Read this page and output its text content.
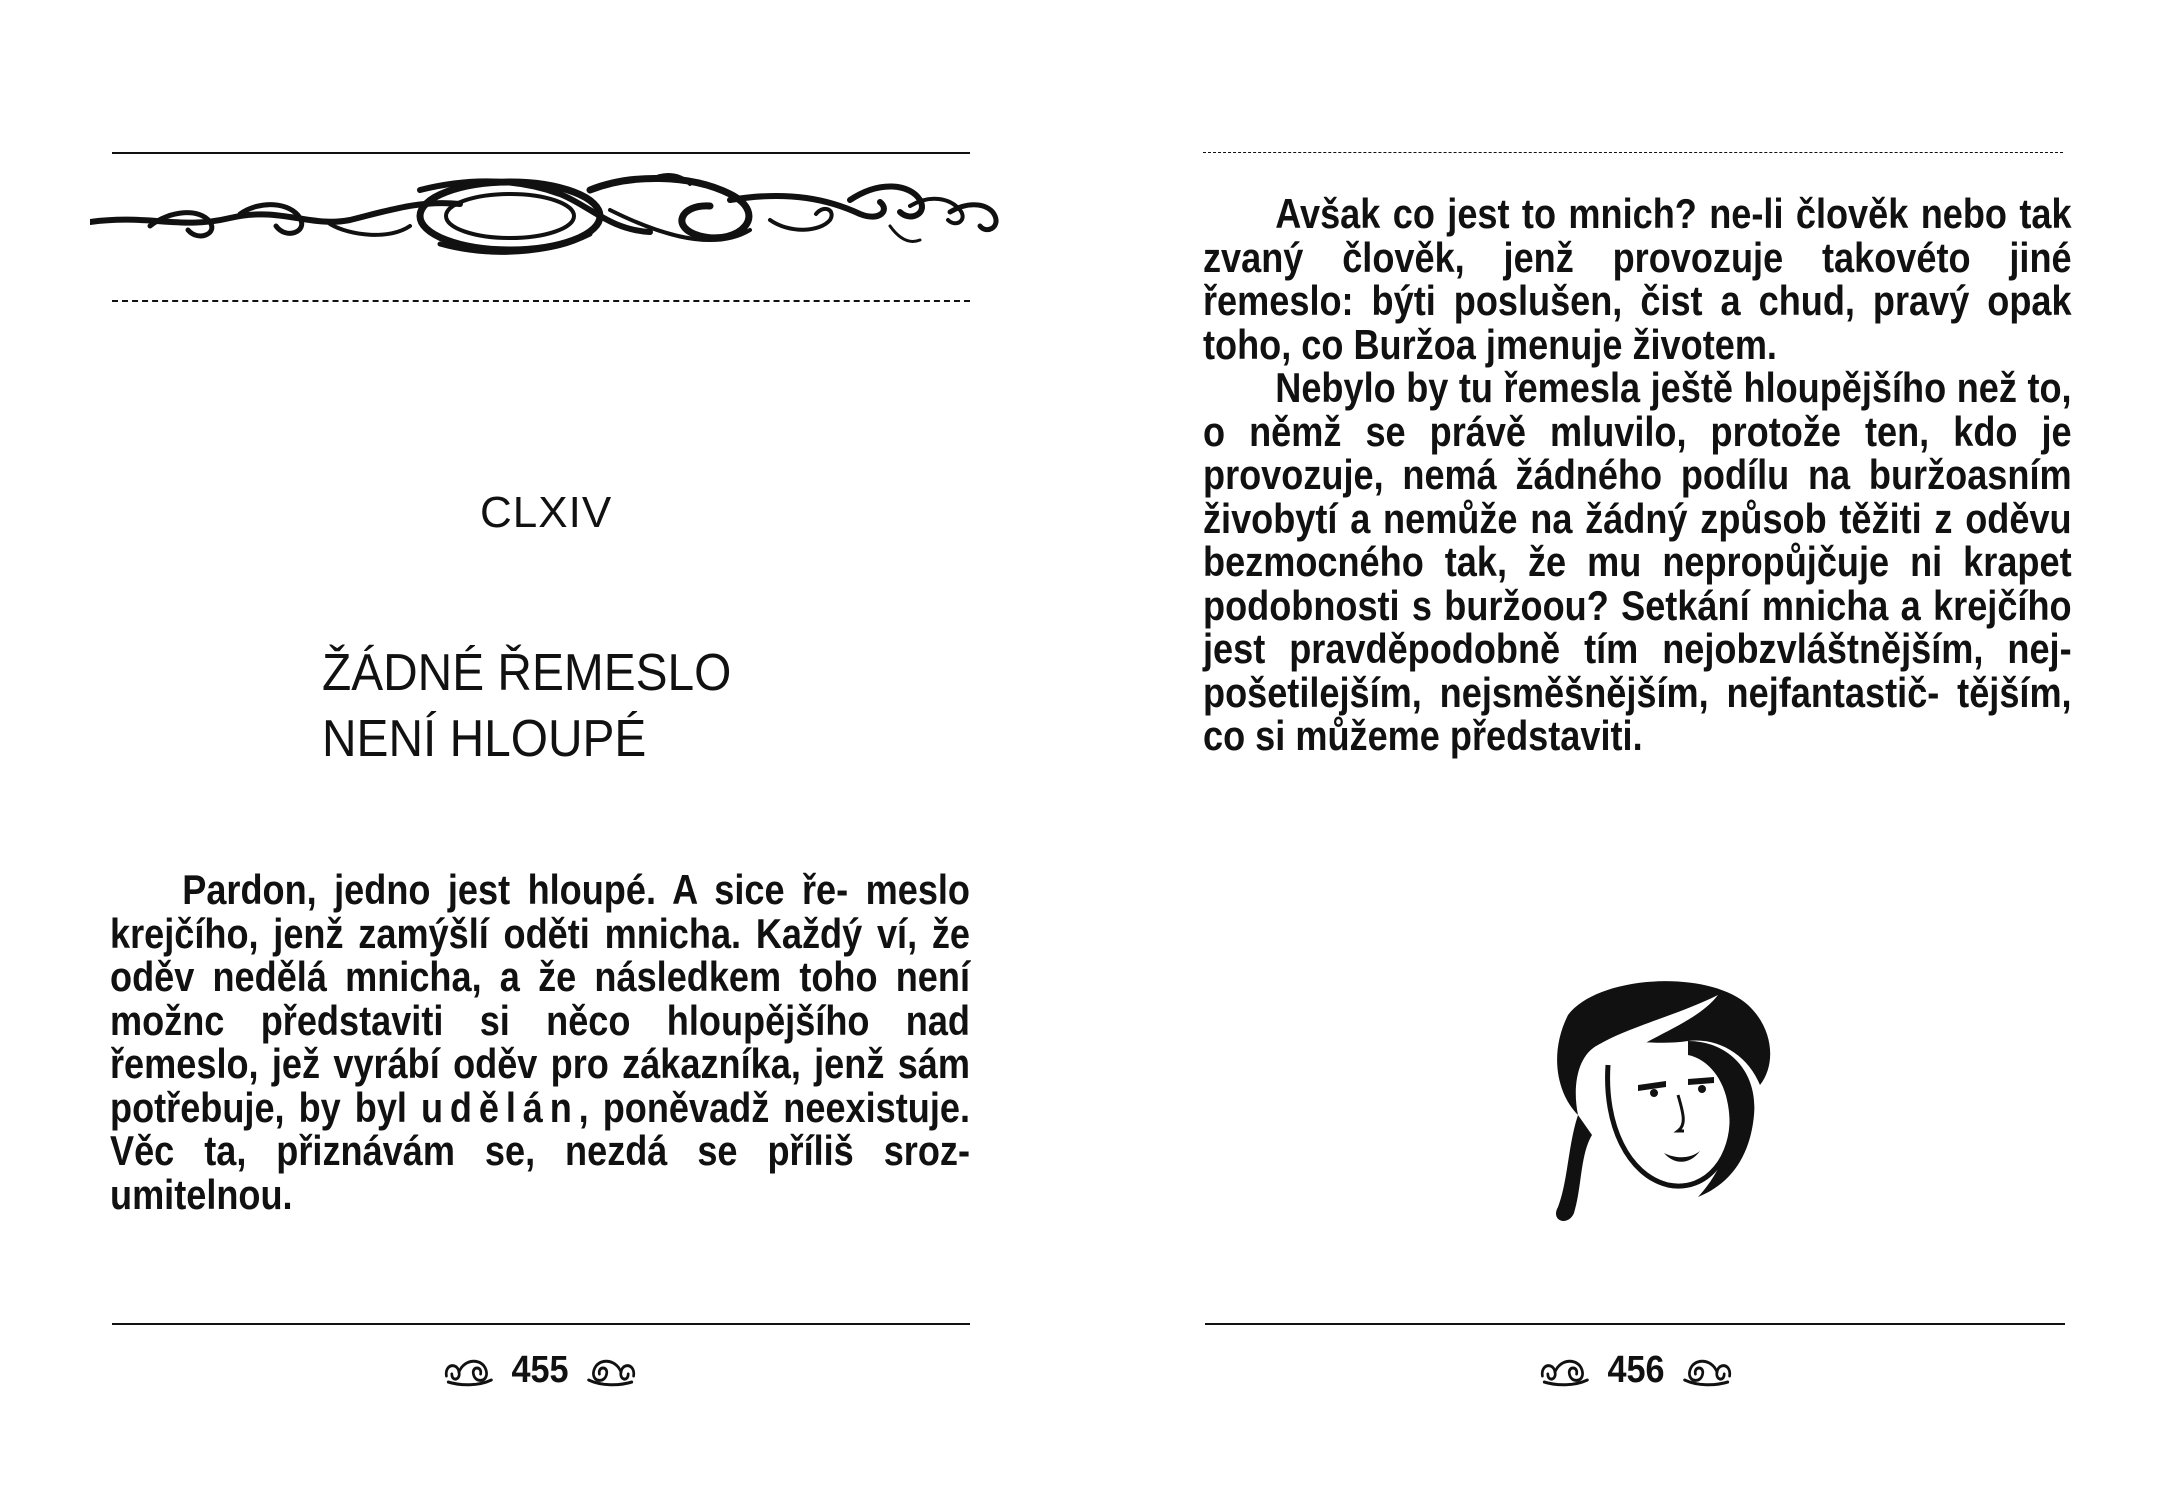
CLXIV
ŽÁDNÉ ŘEMESLO
NENÍ HLOUPÉ

Pardon, jedno jest hloupé. A sice ře- meslo krejčího, jenž zamýšlí oděti mnicha. Každý ví, že oděv nedělá mnicha, a že následkem toho není možnc představiti si něco hloupějšího nad řemeslo, jež vyrábí oděv pro zákazníka, jenž sám potřebuje, by byl udělán, poněvadž neexistuje. Věc ta, přiznávám se, nezdá se příliš sroz- umitelnou.

455

Avšak co jest to mnich? ne-li člověk nebo tak zvaný člověk, jenž provozuje takovéto jiné řemeslo: býti poslušen, čist a chud, pravý opak toho, co Buržoa jmenuje životem.

Nebylo by tu řemesla ještě hloupějšího než to, o němž se právě mluvilo, protože ten, kdo je provozuje, nemá žádného podílu na buržoasním živobytí a nemůže na žádný způsob těžiti z oděvu bezmocného tak, že mu nepropůjčuje ni krapet podobnosti s buržoou? Setkání mnicha a krejčího jest pravděpodobně tím nejobzvláštnějším, nej- pošetilejším, nejsměšnějším, nejfantastič- tějším, co si můžeme představiti.

456
